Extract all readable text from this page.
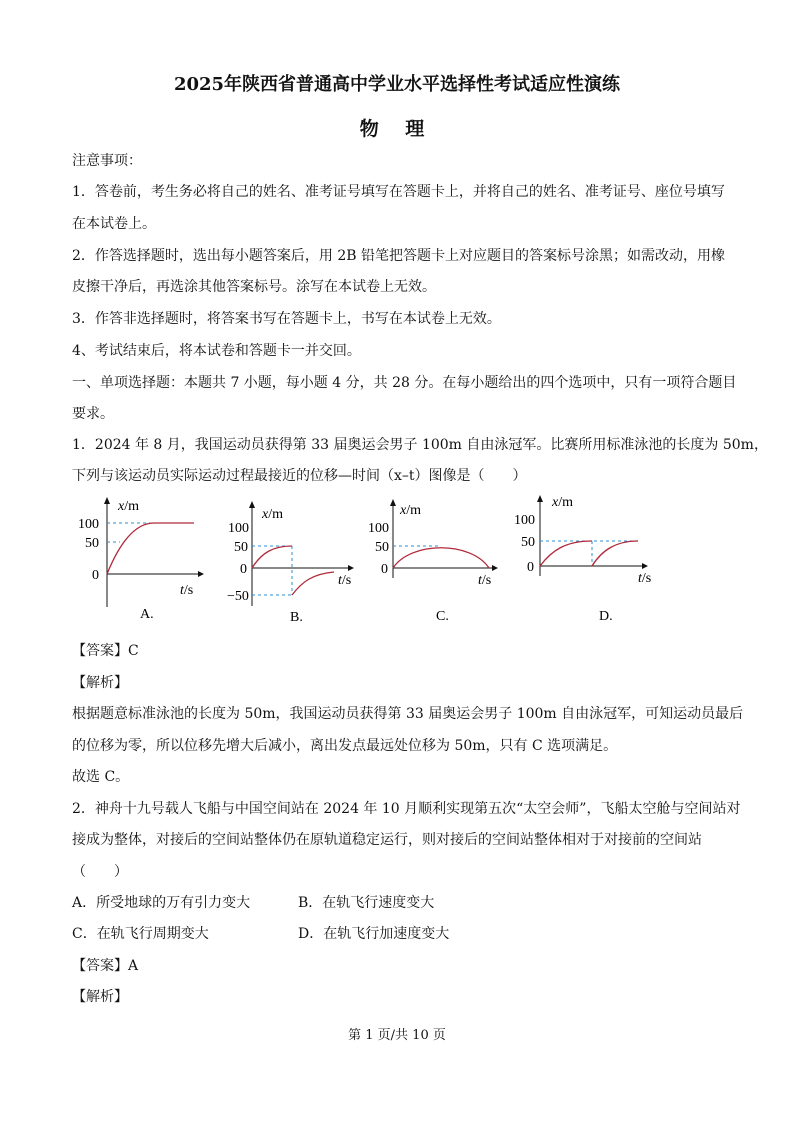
2025年陕西省普通高中学业水平选择性考试适应性演练
物 理
注意事项：
1．答卷前，考生务必将自己的姓名、准考证号填写在答题卡上，并将自己的姓名、准考证号、座位号填写
在本试卷上。
2．作答选择题时，选出每小题答案后，用 2B 铅笔把答题卡上对应题目的答案标号涂黑；如需改动，用橡
皮擦干净后，再选涂其他答案标号。涂写在本试卷上无效。
3．作答非选择题时，将答案书写在答题卡上，书写在本试卷上无效。
4、考试结束后，将本试卷和答题卡一并交回。
一、单项选择题：本题共 7 小题，每小题 4 分，共 28 分。在每小题给出的四个选项中，只有一项符合题目
要求。
1．2024 年 8 月，我国运动员获得第 33 届奥运会男子 100m 自由泳冠军。比赛所用标准泳池的长度为 50m，
下列与该运动员实际运动过程最接近的位移—时间（x–t）图像是（　　）
x/m
100
50
0
t/s
A.
x/m
100
50
0
−50
t/s
B.
x/m
100
50
0
t/s
C.
x/m
100
50
0
t/s
D.
【答案】C
【解析】
根据题意标准泳池的长度为 50m，我国运动员获得第 33 届奥运会男子 100m 自由泳冠军，可知运动员最后
的位移为零，所以位移先增大后减小，离出发点最远处位移为 50m，只有 C 选项满足。
故选 C。
2．神舟十九号载人飞船与中国空间站在 2024 年 10 月顺利实现第五次“太空会师”，飞船太空舱与空间站对
接成为整体，对接后的空间站整体仍在原轨道稳定运行，则对接后的空间站整体相对于对接前的空间站
（　　）
A．所受地球的万有引力变大	B．在轨飞行速度变大
C．在轨飞行周期变大	D．在轨飞行加速度变大
【答案】A
【解析】
第 1 页/共 10 页
